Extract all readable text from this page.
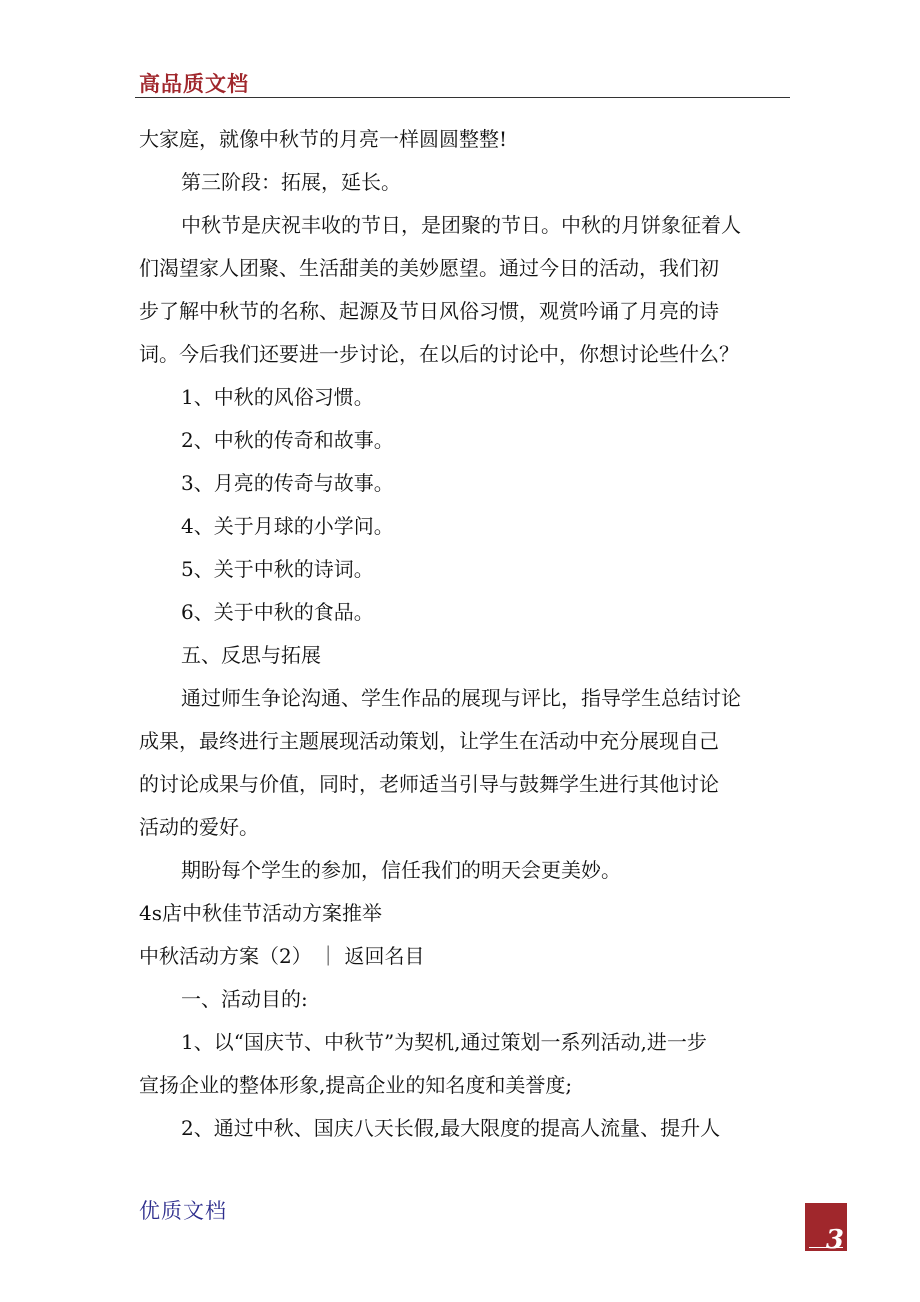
高品质文档
大家庭，就像中秋节的月亮一样圆圆整整!
第三阶段：拓展，延长。
中秋节是庆祝丰收的节日，是团聚的节日。中秋的月饼象征着人
们渴望家人团聚、生活甜美的美妙愿望。通过今日的活动，我们初
步了解中秋节的名称、起源及节日风俗习惯，观赏吟诵了月亮的诗
词。今后我们还要进一步讨论，在以后的讨论中，你想讨论些什么？
1、中秋的风俗习惯。
2、中秋的传奇和故事。
3、月亮的传奇与故事。
4、关于月球的小学问。
5、关于中秋的诗词。
6、关于中秋的食品。
五、反思与拓展
通过师生争论沟通、学生作品的展现与评比，指导学生总结讨论
成果，最终进行主题展现活动策划，让学生在活动中充分展现自己
的讨论成果与价值，同时，老师适当引导与鼓舞学生进行其他讨论
活动的爱好。
期盼每个学生的参加，信任我们的明天会更美妙。
4s店中秋佳节活动方案推举
中秋活动方案（2） ｜ 返回名目
一、活动目的:
1、以“国庆节、中秋节”为契机,通过策划一系列活动,进一步
宣扬企业的整体形象,提高企业的知名度和美誉度;
2、通过中秋、国庆八天长假,最大限度的提高人流量、提升人
优质文档
3
